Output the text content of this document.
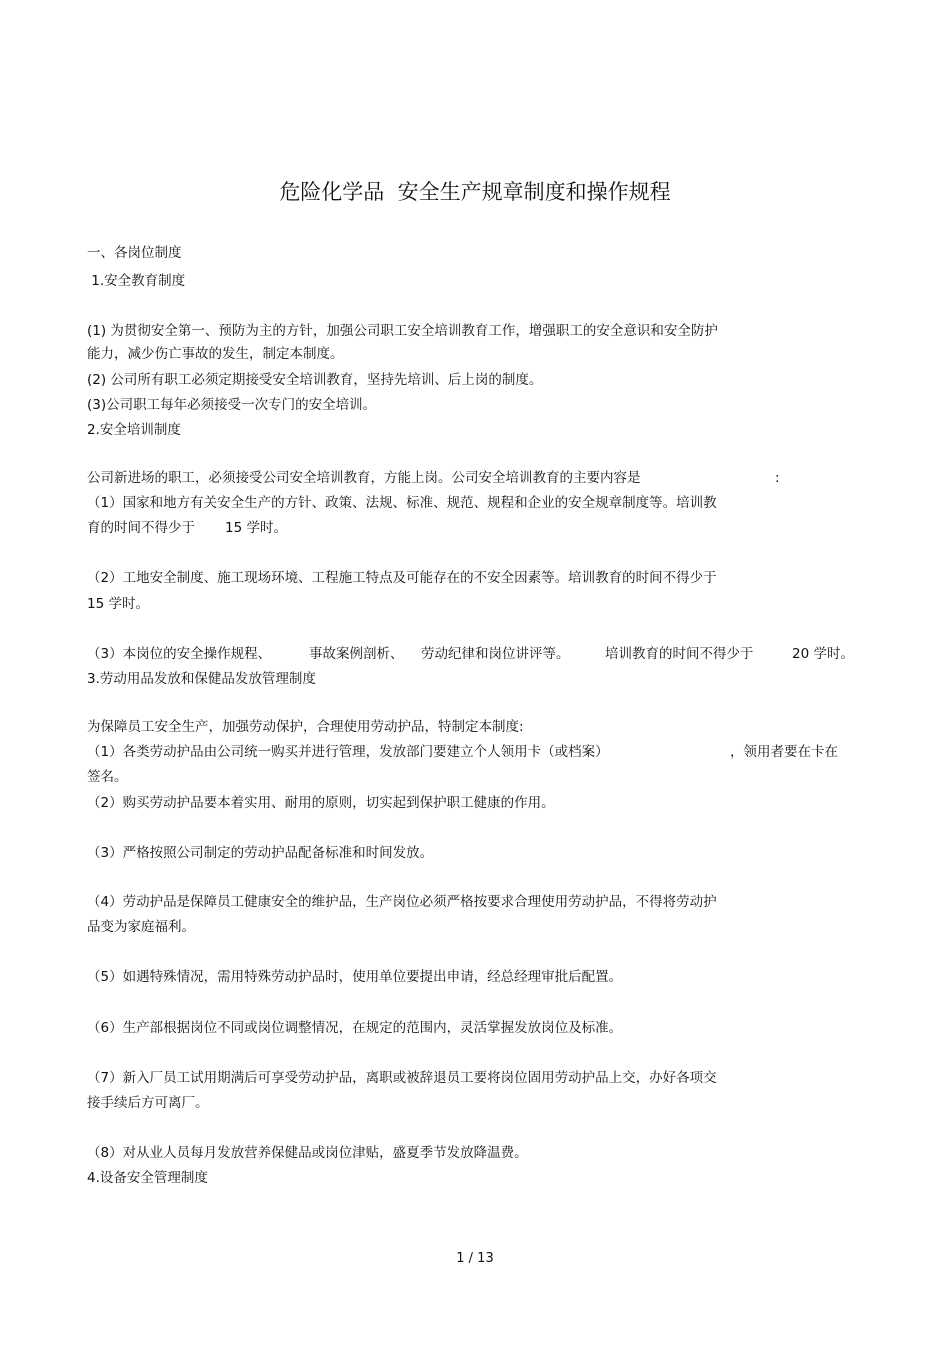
危险化学品  安全生产规章制度和操作规程
一、各岗位制度
1.安全教育制度
(1) 为贯彻安全第一、预防为主的方针，加强公司职工安全培训教育工作，增强职工的安全意识和安全防护
能力，减少伤亡事故的发生，制定本制度。
(2) 公司所有职工必须定期接受安全培训教育，坚持先培训、后上岗的制度。
(3)公司职工每年必须接受一次专门的安全培训。
2.安全培训制度
公司新进场的职工，必须接受公司安全培训教育，方能上岗。公司安全培训教育的主要内容是	:
（1）国家和地方有关安全生产的方针、政策、法规、标准、规范、规程和企业的安全规章制度等。培训教
育的时间不得少于 15 学时。
（2）工地安全制度、施工现场环境、工程施工特点及可能存在的不安全因素等。培训教育的时间不得少于
15 学时。
（3）本岗位的安全操作规程、	事故案例剖析、 劳动纪律和岗位讲评等。	培训教育的时间不得少于	20 学时。
3.劳动用品发放和保健品发放管理制度
为保障员工安全生产，加强劳动保护，合理使用劳动护品，特制定本制度:
（1）各类劳动护品由公司统一购买并进行管理，发放部门要建立个人领用卡（或档案）	，领用者要在卡在
签名。
（2）购买劳动护品要本着实用、耐用的原则，切实起到保护职工健康的作用。
（3）严格按照公司制定的劳动护品配备标准和时间发放。
（4）劳动护品是保障员工健康安全的维护品，生产岗位必须严格按要求合理使用劳动护品，不得将劳动护
品变为家庭福利。
（5）如遇特殊情况，需用特殊劳动护品时，使用单位要提出申请，经总经理审批后配置。
（6）生产部根据岗位不同或岗位调整情况，在规定的范围内，灵活掌握发放岗位及标准。
（7）新入厂员工试用期满后可享受劳动护品，离职或被辞退员工要将岗位固用劳动护品上交，办好各项交
接手续后方可离厂。
（8）对从业人员每月发放营养保健品或岗位津贴，盛夏季节发放降温费。
4.设备安全管理制度
1 / 13
